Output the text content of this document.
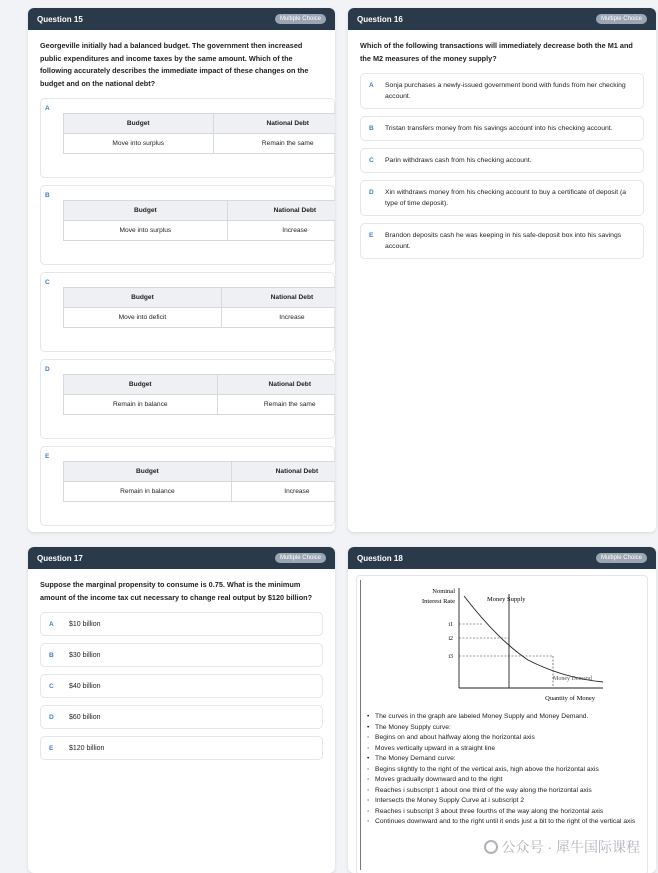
Question 15	Multiple Choice

Georgeville initially had a balanced budget. The government then increased public expenditures and income taxes by the same amount. Which of the following accurately describes the immediate impact of these changes on the budget and on the national debt?

A
Budget	National Debt
Move into surplus	Remain the same
B
Budget	National Debt
Move into surplus	Increase
C
Budget	National Debt
Move into deficit	Increase
D
Budget	National Debt
Remain in balance	Remain the same
E
Budget	National Debt
Remain in balance	Increase
Question 16	Multiple Choice

Which of the following transactions will immediately decrease both the M1 and the M2 measures of the money supply?

A	Sonja purchases a newly-issued government bond with funds from her checking account.
B	Tristan transfers money from his savings account into his checking account.
C	Parin withdraws cash from his checking account.
D	Xin withdraws money from his checking account to buy a certificate of deposit (a type of time deposit).
E	Brandon deposits cash he was keeping in his safe-deposit box into his savings account.
Question 17	Multiple Choice

Suppose the marginal propensity to consume is 0.75. What is the minimum amount of the income tax cut necessary to change real output by $120 billion?

A	$10 billion
B	$30 billion
C	$40 billion
D	$60 billion
E	$120 billion
Question 18	Multiple Choice
Nominal
Interest Rate
Quantity of Money
Money Supply
Money Demand
i1
i2
i3
• The curves in the graph are labeled Money Supply and Money Demand.
• The Money Supply curve:
◦ Begins on and about halfway along the horizontal axis
◦ Moves vertically upward in a straight line
• The Money Demand curve:
◦ Begins slightly to the right of the vertical axis, high above the horizontal axis
◦ Moves gradually downward and to the right
◦ Reaches i subscript 1 about one third of the way along the horizontal axis
◦ Intersects the Money Supply Curve at i subscript 2
◦ Reaches i subscript 3 about three fourths of the way along the horizontal axis
◦ Continues downward and to the right until it ends just a bit to the right of the vertical axis
公众号 · 犀牛国际课程
